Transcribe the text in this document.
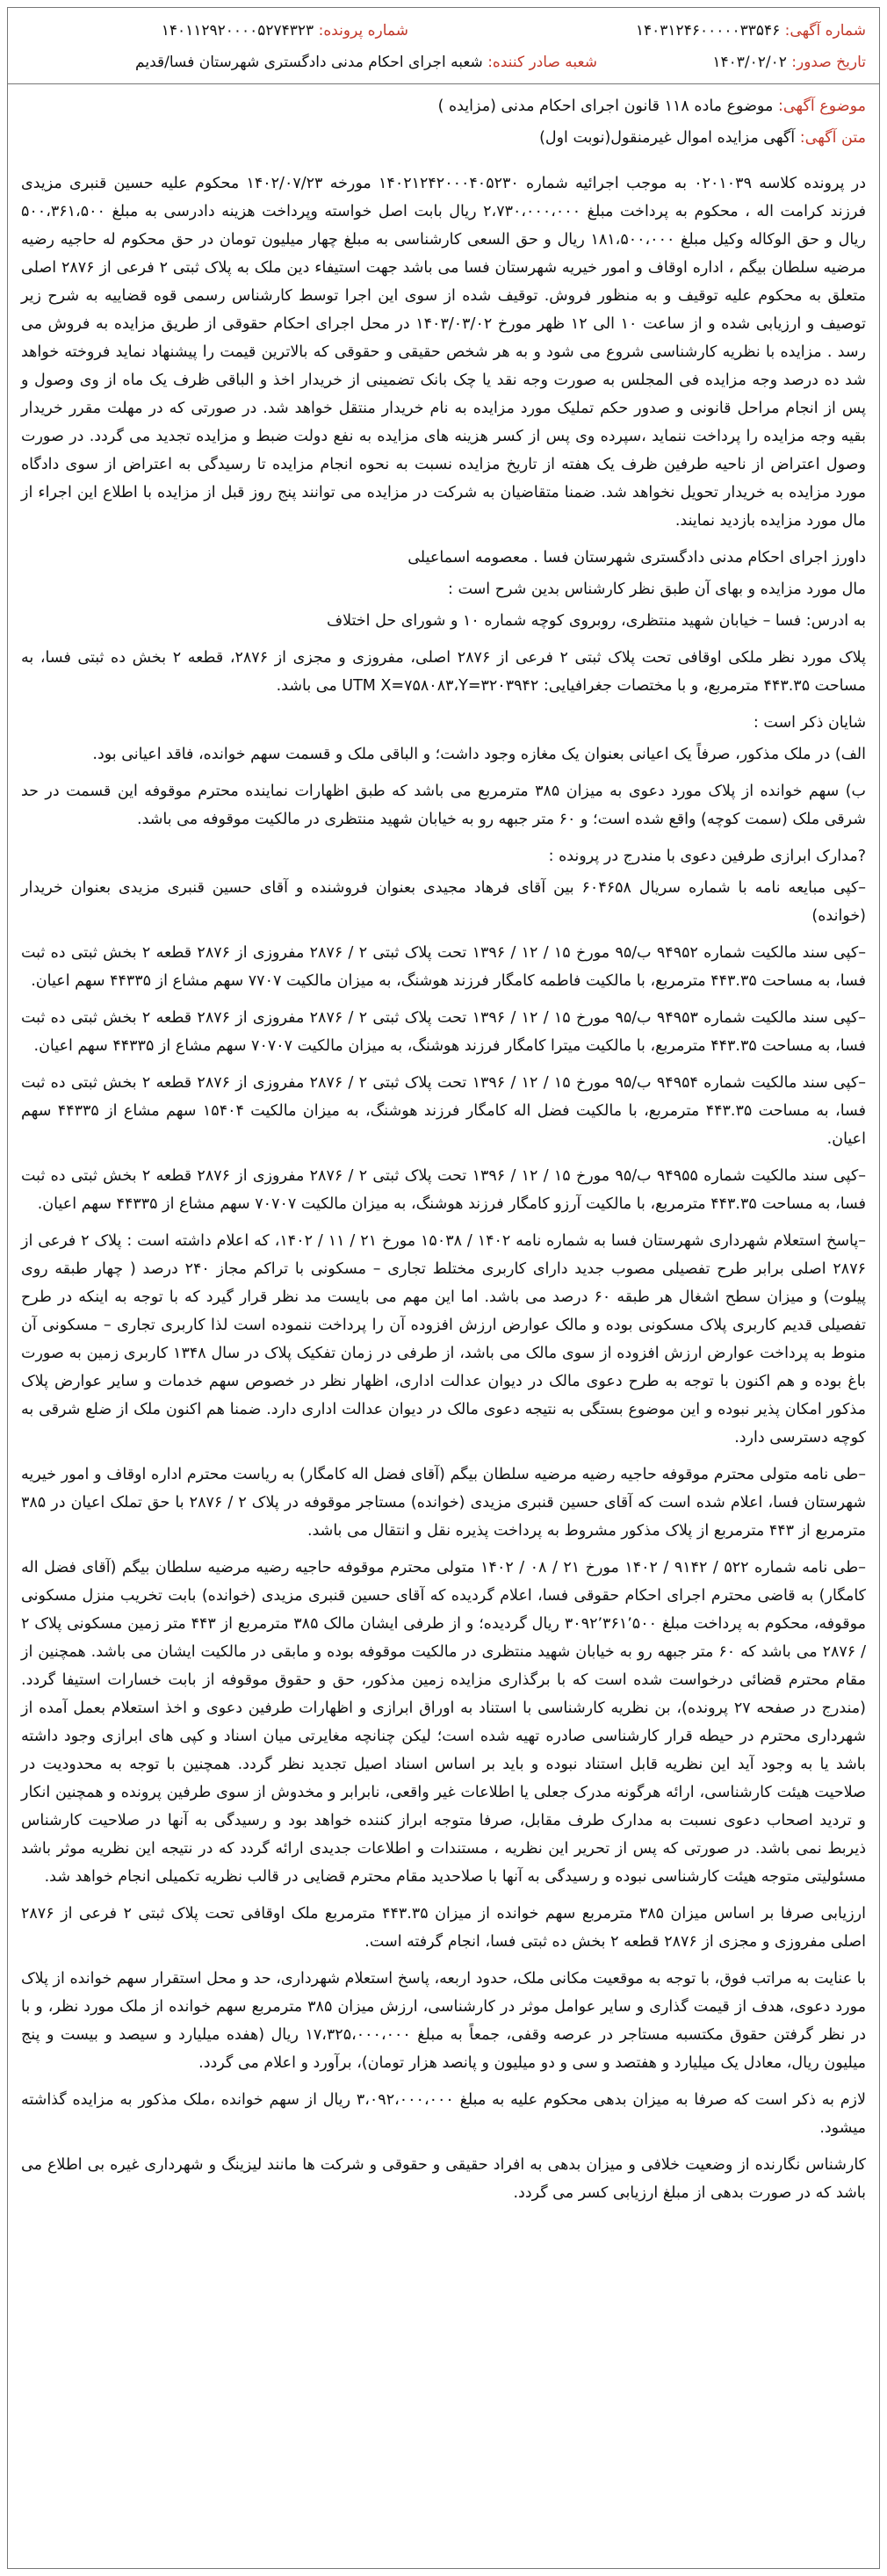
شماره آگهی: ۱۴۰۳۱۲۴۶۰۰۰۰۰۳۳۵۴۶
شماره پرونده: ۱۴۰۱۱۲۹۲۰۰۰۰۵۲۷۴۳۲۳
تاریخ صدور: ۱۴۰۳/۰۲/۰۲
شعبه صادر کننده: شعبه اجرای احکام مدنی دادگستری شهرستان فسا/قدیم
موضوع آگهی: موضوع ماده ۱۱۸ قانون اجرای احکام مدنی (مزایده )
متن آگهی: آگهی مزایده اموال غیرمنقول(نوبت اول)

در پرونده کلاسه ۰۲۰۱۰۳۹ به موجب اجرائیه شماره ۱۴۰۲۱۲۴۲۰۰۰۴۰۵۲۳۰ مورخه ۱۴۰۲/۰۷/۲۳ محکوم علیه حسین قنبری مزیدی فرزند کرامت اله ، محکوم به پرداخت مبلغ ۲،۷۳۰،۰۰۰،۰۰۰ ریال بابت اصل خواسته وپرداخت هزینه دادرسی به مبلغ ۵۰۰،۳۶۱،۵۰۰ ریال و حق الوکاله وکیل مبلغ ۱۸۱،۵۰۰،۰۰۰ ریال و حق السعی کارشناسی به مبلغ چهار میلیون تومان در حق محکوم له حاجیه رضیه مرضیه سلطان بیگم ، اداره اوقاف و امور خیریه شهرستان فسا می باشد جهت استیفاء دین ملک به پلاک ثبتی ۲ فرعی از ۲۸۷۶ اصلی متعلق به محکوم علیه توقیف و به منظور فروش. توقیف شده از سوی این اجرا توسط کارشناس رسمی قوه قضاییه به شرح زیر توصیف و ارزیابی شده و از ساعت ۱۰ الی ۱۲ ظهر مورخ ۱۴۰۳/۰۳/۰۲ در محل اجرای احکام حقوقی از طریق مزایده به فروش می رسد . مزایده با نظریه کارشناسی شروع می شود و به هر شخص حقیقی و حقوقی که بالاترین قیمت را پیشنهاد نماید فروخته خواهد شد ده درصد وجه مزایده فی المجلس به صورت وجه نقد یا چک بانک تضمینی از خریدار اخذ و الباقی ظرف یک ماه از وی وصول و پس از انجام مراحل قانونی و صدور حکم تملیک مورد مزایده به نام خریدار منتقل خواهد شد. در صورتی که در مهلت مقرر خریدار بقیه وجه مزایده را پرداخت ننماید ،سپرده وی پس از کسر هزینه های مزایده به نفع دولت ضبط و مزایده تجدید می گردد. در صورت وصول اعتراض از ناحیه طرفین ظرف یک هفته از تاریخ مزایده نسبت به نحوه انجام مزایده تا رسیدگی به اعتراض از سوی دادگاه مورد مزایده به خریدار تحویل نخواهد شد. ضمنا متقاضیان به شرکت در مزایده می توانند پنج روز قبل از مزایده با اطلاع این اجراء از مال مورد مزایده بازدید نمایند.

داورز اجرای احکام مدنی دادگستری شهرستان فسا . معصومه اسماعیلی
مال مورد مزایده و بهای آن طبق نظر کارشناس بدین شرح است :

به ادرس: فسا – خیابان شهید منتظری، روبروی کوچه شماره ۱۰ و شورای حل اختلاف

پلاک مورد نظر ملکی اوقافی تحت پلاک ثبتی ۲ فرعی از ۲۸۷۶ اصلی، مفروزی و مجزی از ۲۸۷۶، قطعه ۲ بخش ده ثبتی فسا، به مساحت ۴۴۳.۳۵ مترمربع، و با مختصات جغرافیایی: UTM X=۷۵۸۰۸۳،Y=۳۲۰۳۹۴۲ می باشد.

شایان ذکر است :

الف) در ملک مذکور، صرفاً یک اعیانی بعنوان یک مغازه وجود داشت؛ و الباقی ملک و قسمت سهم خوانده، فاقد اعیانی بود.

ب) سهم خوانده از پلاک مورد دعوی به میزان ۳۸۵ مترمربع می باشد که طبق اظهارات نماینده محترم موقوفه این قسمت در حد شرقی ملک (سمت کوچه) واقع شده است؛ و ۶۰ متر جبهه رو به خیابان شهید منتظری در مالکیت موقوفه می باشد.

?مدارک ابرازی طرفین دعوی با مندرج در پرونده :

–کپی مبایعه نامه با شماره سریال ۶۰۴۶۵۸ بین آقای فرهاد مجیدی بعنوان فروشنده و آقای حسین قنبری مزیدی بعنوان خریدار (خوانده)

–کپی سند مالکیت شماره ۹۴۹۵۲ ب/۹۵ مورخ ۱۵ / ۱۲ / ۱۳۹۶ تحت پلاک ثبتی ۲ / ۲۸۷۶ مفروزی از ۲۸۷۶ قطعه ۲ بخش ثبتی ده ثبت فسا، به مساحت ۴۴۳.۳۵ مترمربع، با مالکیت فاطمه کامگار فرزند هوشنگ، به میزان مالکیت ۷۷۰۷ سهم مشاع از ۴۴۳۳۵ سهم اعیان.

–کپی سند مالکیت شماره ۹۴۹۵۳ ب/۹۵ مورخ ۱۵ / ۱۲ / ۱۳۹۶ تحت پلاک ثبتی ۲ / ۲۸۷۶ مفروزی از ۲۸۷۶ قطعه ۲ بخش ثبتی ده ثبت فسا، به مساحت ۴۴۳.۳۵ مترمربع، با مالکیت میترا کامگار فرزند هوشنگ، به میزان مالکیت ۷۰۷۰۷ سهم مشاع از ۴۴۳۳۵ سهم اعیان.

–کپی سند مالکیت شماره ۹۴۹۵۴ ب/۹۵ مورخ ۱۵ / ۱۲ / ۱۳۹۶ تحت پلاک ثبتی ۲ / ۲۸۷۶ مفروزی از ۲۸۷۶ قطعه ۲ بخش ثبتی ده ثبت فسا، به مساحت ۴۴۳.۳۵ مترمربع، با مالکیت فضل اله کامگار فرزند هوشنگ، به میزان مالکیت ۱۵۴۰۴ سهم مشاع از ۴۴۳۳۵ سهم اعیان.

–کپی سند مالکیت شماره ۹۴۹۵۵ ب/۹۵ مورخ ۱۵ / ۱۲ / ۱۳۹۶ تحت پلاک ثبتی ۲ / ۲۸۷۶ مفروزی از ۲۸۷۶ قطعه ۲ بخش ثبتی ده ثبت فسا، به مساحت ۴۴۳.۳۵ مترمربع، با مالکیت آرزو کامگار فرزند هوشنگ، به میزان مالکیت ۷۰۷۰۷ سهم مشاع از ۴۴۳۳۵ سهم اعیان.

–پاسخ استعلام شهرداری شهرستان فسا به شماره نامه ۱۴۰۲ / ۱۵۰۳۸ مورخ ۲۱ / ۱۱ / ۱۴۰۲، که اعلام داشته است : پلاک ۲ فرعی از ۲۸۷۶ اصلی برابر طرح تفصیلی مصوب جدید دارای کاربری مختلط تجاری – مسکونی با تراکم مجاز ۲۴۰ درصد ( چهار طبقه روی پیلوت) و میزان سطح اشغال هر طبقه ۶۰ درصد می باشد. اما این مهم می بایست مد نظر قرار گیرد که با توجه به اینکه در طرح تفصیلی قدیم کاربری پلاک مسکونی بوده و مالک عوارض ارزش افزوده آن را پرداخت ننموده است لذا کاربری تجاری – مسکونی آن منوط به پرداخت عوارض ارزش افزوده از سوی مالک می باشد، از طرفی در زمان تفکیک پلاک در سال ۱۳۴۸ کاربری زمین به صورت باغ بوده و هم اکنون با توجه به طرح دعوی مالک در دیوان عدالت اداری، اظهار نظر در خصوص سهم خدمات و سایر عوارض پلاک مذکور امکان پذیر نبوده و این موضوع بستگی به نتیجه دعوی مالک در دیوان عدالت اداری دارد. ضمنا هم اکنون ملک از ضلع شرقی به کوچه دسترسی دارد.

–طی نامه متولی محترم موقوفه حاجیه رضیه مرضیه سلطان بیگم (آقای فضل اله کامگار) به ریاست محترم اداره اوقاف و امور خیریه شهرستان فسا، اعلام شده است که آقای حسین قنبری مزیدی (خوانده) مستاجر موقوفه در پلاک ۲ / ۲۸۷۶ با حق تملک اعیان در ۳۸۵ مترمربع از ۴۴۳ مترمربع از پلاک مذکور مشروط به پرداخت پذیره نقل و انتقال می باشد.

–طی نامه شماره ۵۲۲ / ۹۱۴۲ / ۱۴۰۲ مورخ ۲۱ / ۰۸ / ۱۴۰۲ متولی محترم موقوفه حاجیه رضیه مرضیه سلطان بیگم (آقای فضل اله کامگار) به قاضی محترم اجرای احکام حقوقی فسا، اعلام گردیده که آقای حسین قنبری مزیدی (خوانده) بابت تخریب منزل مسکونی موقوفه، محکوم به پرداخت مبلغ ۳۰۹۲٬۳۶۱٬۵۰۰ ریال گردیده؛ و از طرفی ایشان مالک ۳۸۵ مترمربع از ۴۴۳ متر زمین مسکونی پلاک ۲ / ۲۸۷۶ می باشد که ۶۰ متر جبهه رو به خیابان شهید منتظری در مالکیت موقوفه بوده و مابقی در مالکیت ایشان می باشد. همچنین از مقام محترم قضائی درخواست شده است که با برگذاری مزایده زمین مذکور، حق و حقوق موقوفه از بابت خسارات استیفا گردد. (مندرج در صفحه ۲۷ پرونده)، بن نظریه کارشناسی با استناد به اوراق ابرازی و اظهارات طرفین دعوی و اخذ استعلام بعمل آمده از شهرداری محترم در حیطه قرار کارشناسی صادره تهیه شده است؛ لیکن چنانچه مغایرتی میان اسناد و کپی های ابرازی وجود داشته باشد یا به وجود آید این نظریه قابل استناد نبوده و باید بر اساس اسناد اصیل تجدید نظر گردد. همچنین با توجه به محدودیت در صلاحیت هیئت کارشناسی، ارائه هرگونه مدرک جعلی یا اطلاعات غیر واقعی، نابرابر و مخدوش از سوی طرفین پرونده و همچنین انکار و تردید اصحاب دعوی نسبت به مدارک طرف مقابل، صرفا متوجه ابراز کننده خواهد بود و رسیدگی به آنها در صلاحیت کارشناس ذیربط نمی باشد. در صورتی که پس از تحریر این نظریه ، مستندات و اطلاعات جدیدی ارائه گردد که در نتیجه این نظریه موثر باشد مسئولیتی متوجه هیئت کارشناسی نبوده و رسیدگی به آنها با صلاحدید مقام محترم قضایی در قالب نظریه تکمیلی انجام خواهد شد.

ارزیابی صرفا بر اساس میزان ۳۸۵ مترمربع سهم خوانده از میزان ۴۴۳.۳۵ مترمربع ملک اوقافی تحت پلاک ثبتی ۲ فرعی از ۲۸۷۶ اصلی مفروزی و مجزی از ۲۸۷۶ قطعه ۲ بخش ده ثبتی فسا، انجام گرفته است.

با عنایت به مراتب فوق، با توجه به موقعیت مکانی ملک، حدود اربعه، پاسخ استعلام شهرداری، حد و محل استقرار سهم خوانده از پلاک مورد دعوی، هدف از قیمت گذاری و سایر عوامل موثر در کارشناسی، ارزش میزان ۳۸۵ مترمربع سهم خوانده از ملک مورد نظر، و با در نظر گرفتن حقوق مکتسبه مستاجر در عرصه وقفی، جمعاً به مبلغ ۱۷،۳۲۵،۰۰۰،۰۰۰ ریال (هفده میلیارد و سیصد و بیست و پنج میلیون ریال، معادل یک میلیارد و هفتصد و سی و دو میلیون و پانصد هزار تومان)، برآورد و اعلام می گردد.

لازم به ذکر است که صرفا به میزان بدهی محکوم علیه به مبلغ ۳،۰۹۲،۰۰۰،۰۰۰ ریال از سهم خوانده ،ملک مذکور به مزایده گذاشته میشود.

کارشناس نگارنده از وضعیت خلافی و میزان بدهی به افراد حقیقی و حقوقی و شرکت ها مانند لیزینگ و شهرداری غیره بی اطلاع می باشد که در صورت بدهی از مبلغ ارزیابی کسر می گردد.
